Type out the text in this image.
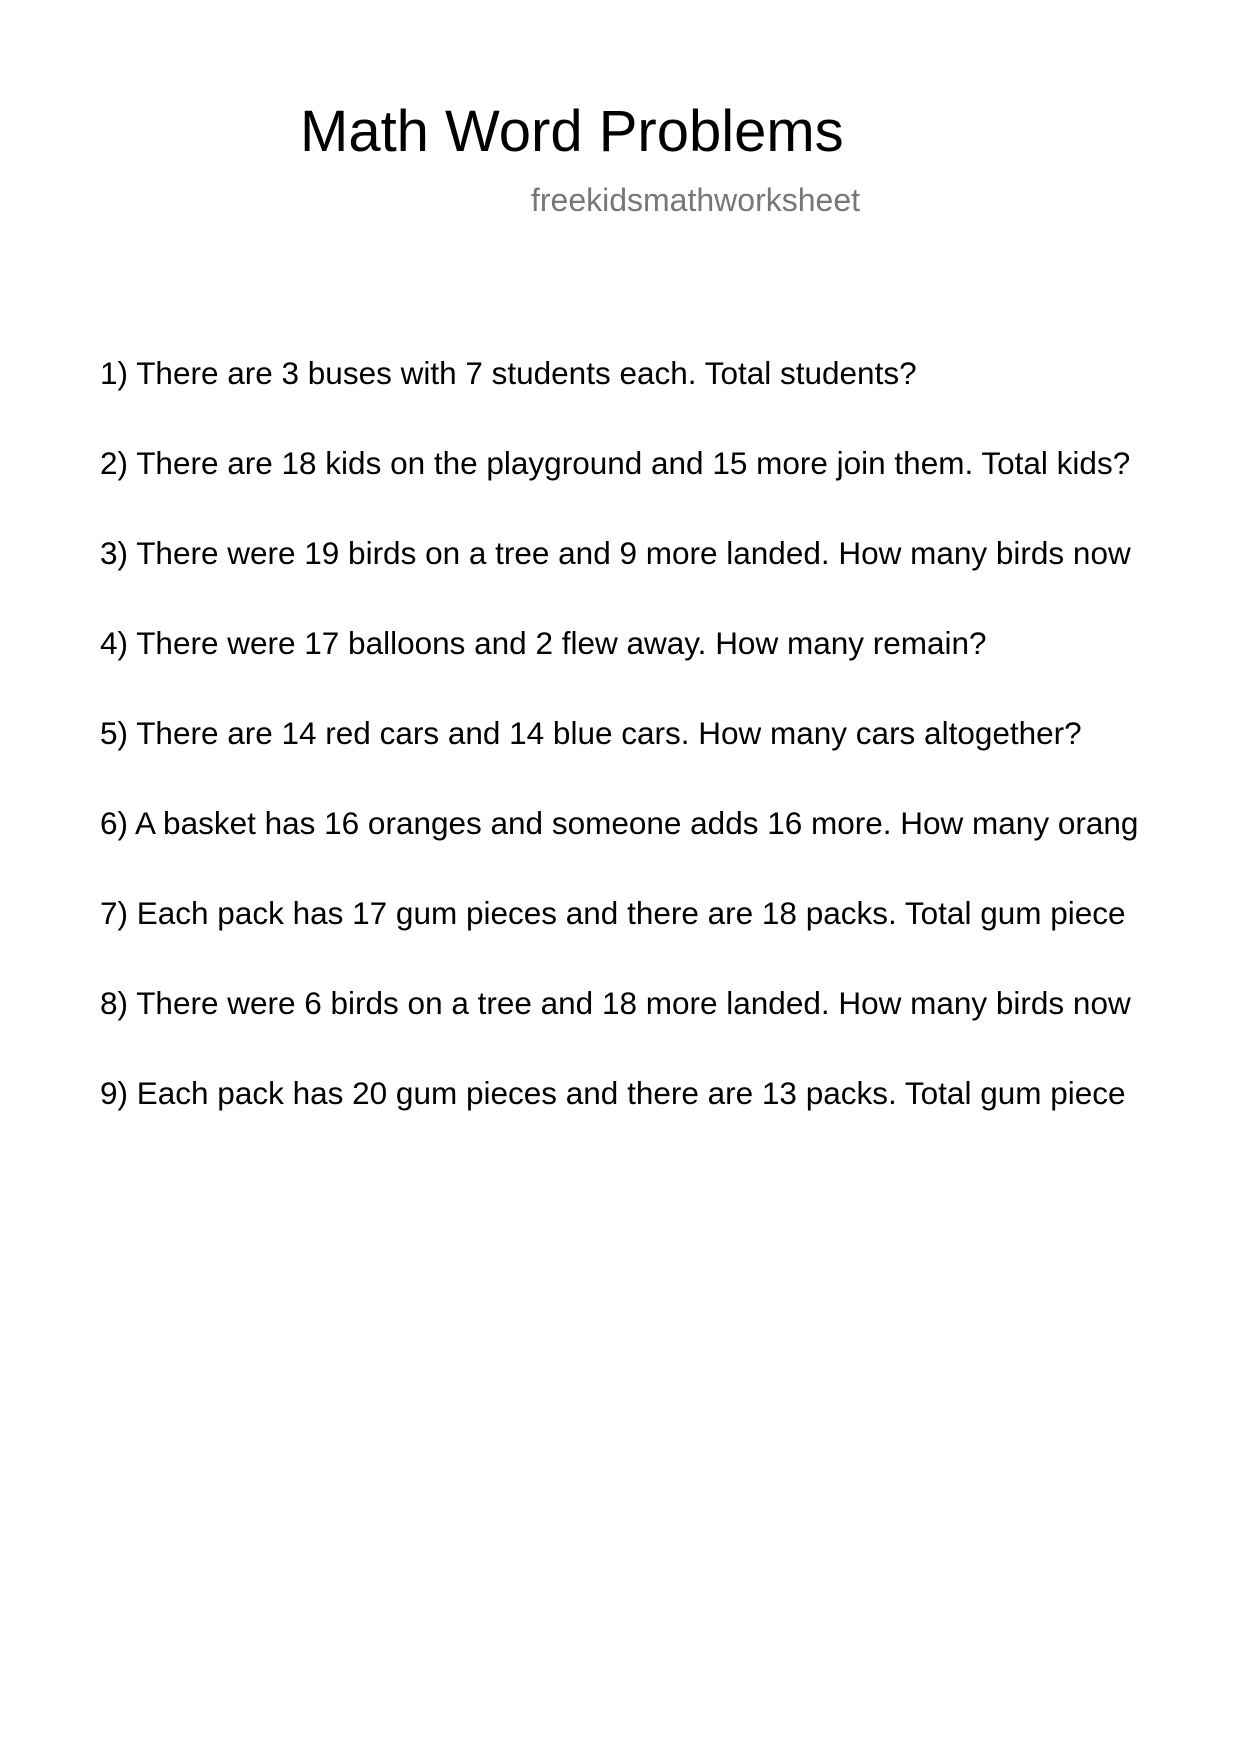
Math Word Problems
freekidsmathworksheet
1) There are 3 buses with 7 students each. Total students?
2) There are 18 kids on the playground and 15 more join them. Total kids?
3) There were 19 birds on a tree and 9 more landed. How many birds now
4) There were 17 balloons and 2 flew away. How many remain?
5) There are 14 red cars and 14 blue cars. How many cars altogether?
6) A basket has 16 oranges and someone adds 16 more. How many orang
7) Each pack has 17 gum pieces and there are 18 packs. Total gum piece
8) There were 6 birds on a tree and 18 more landed. How many birds now
9) Each pack has 20 gum pieces and there are 13 packs. Total gum piece
